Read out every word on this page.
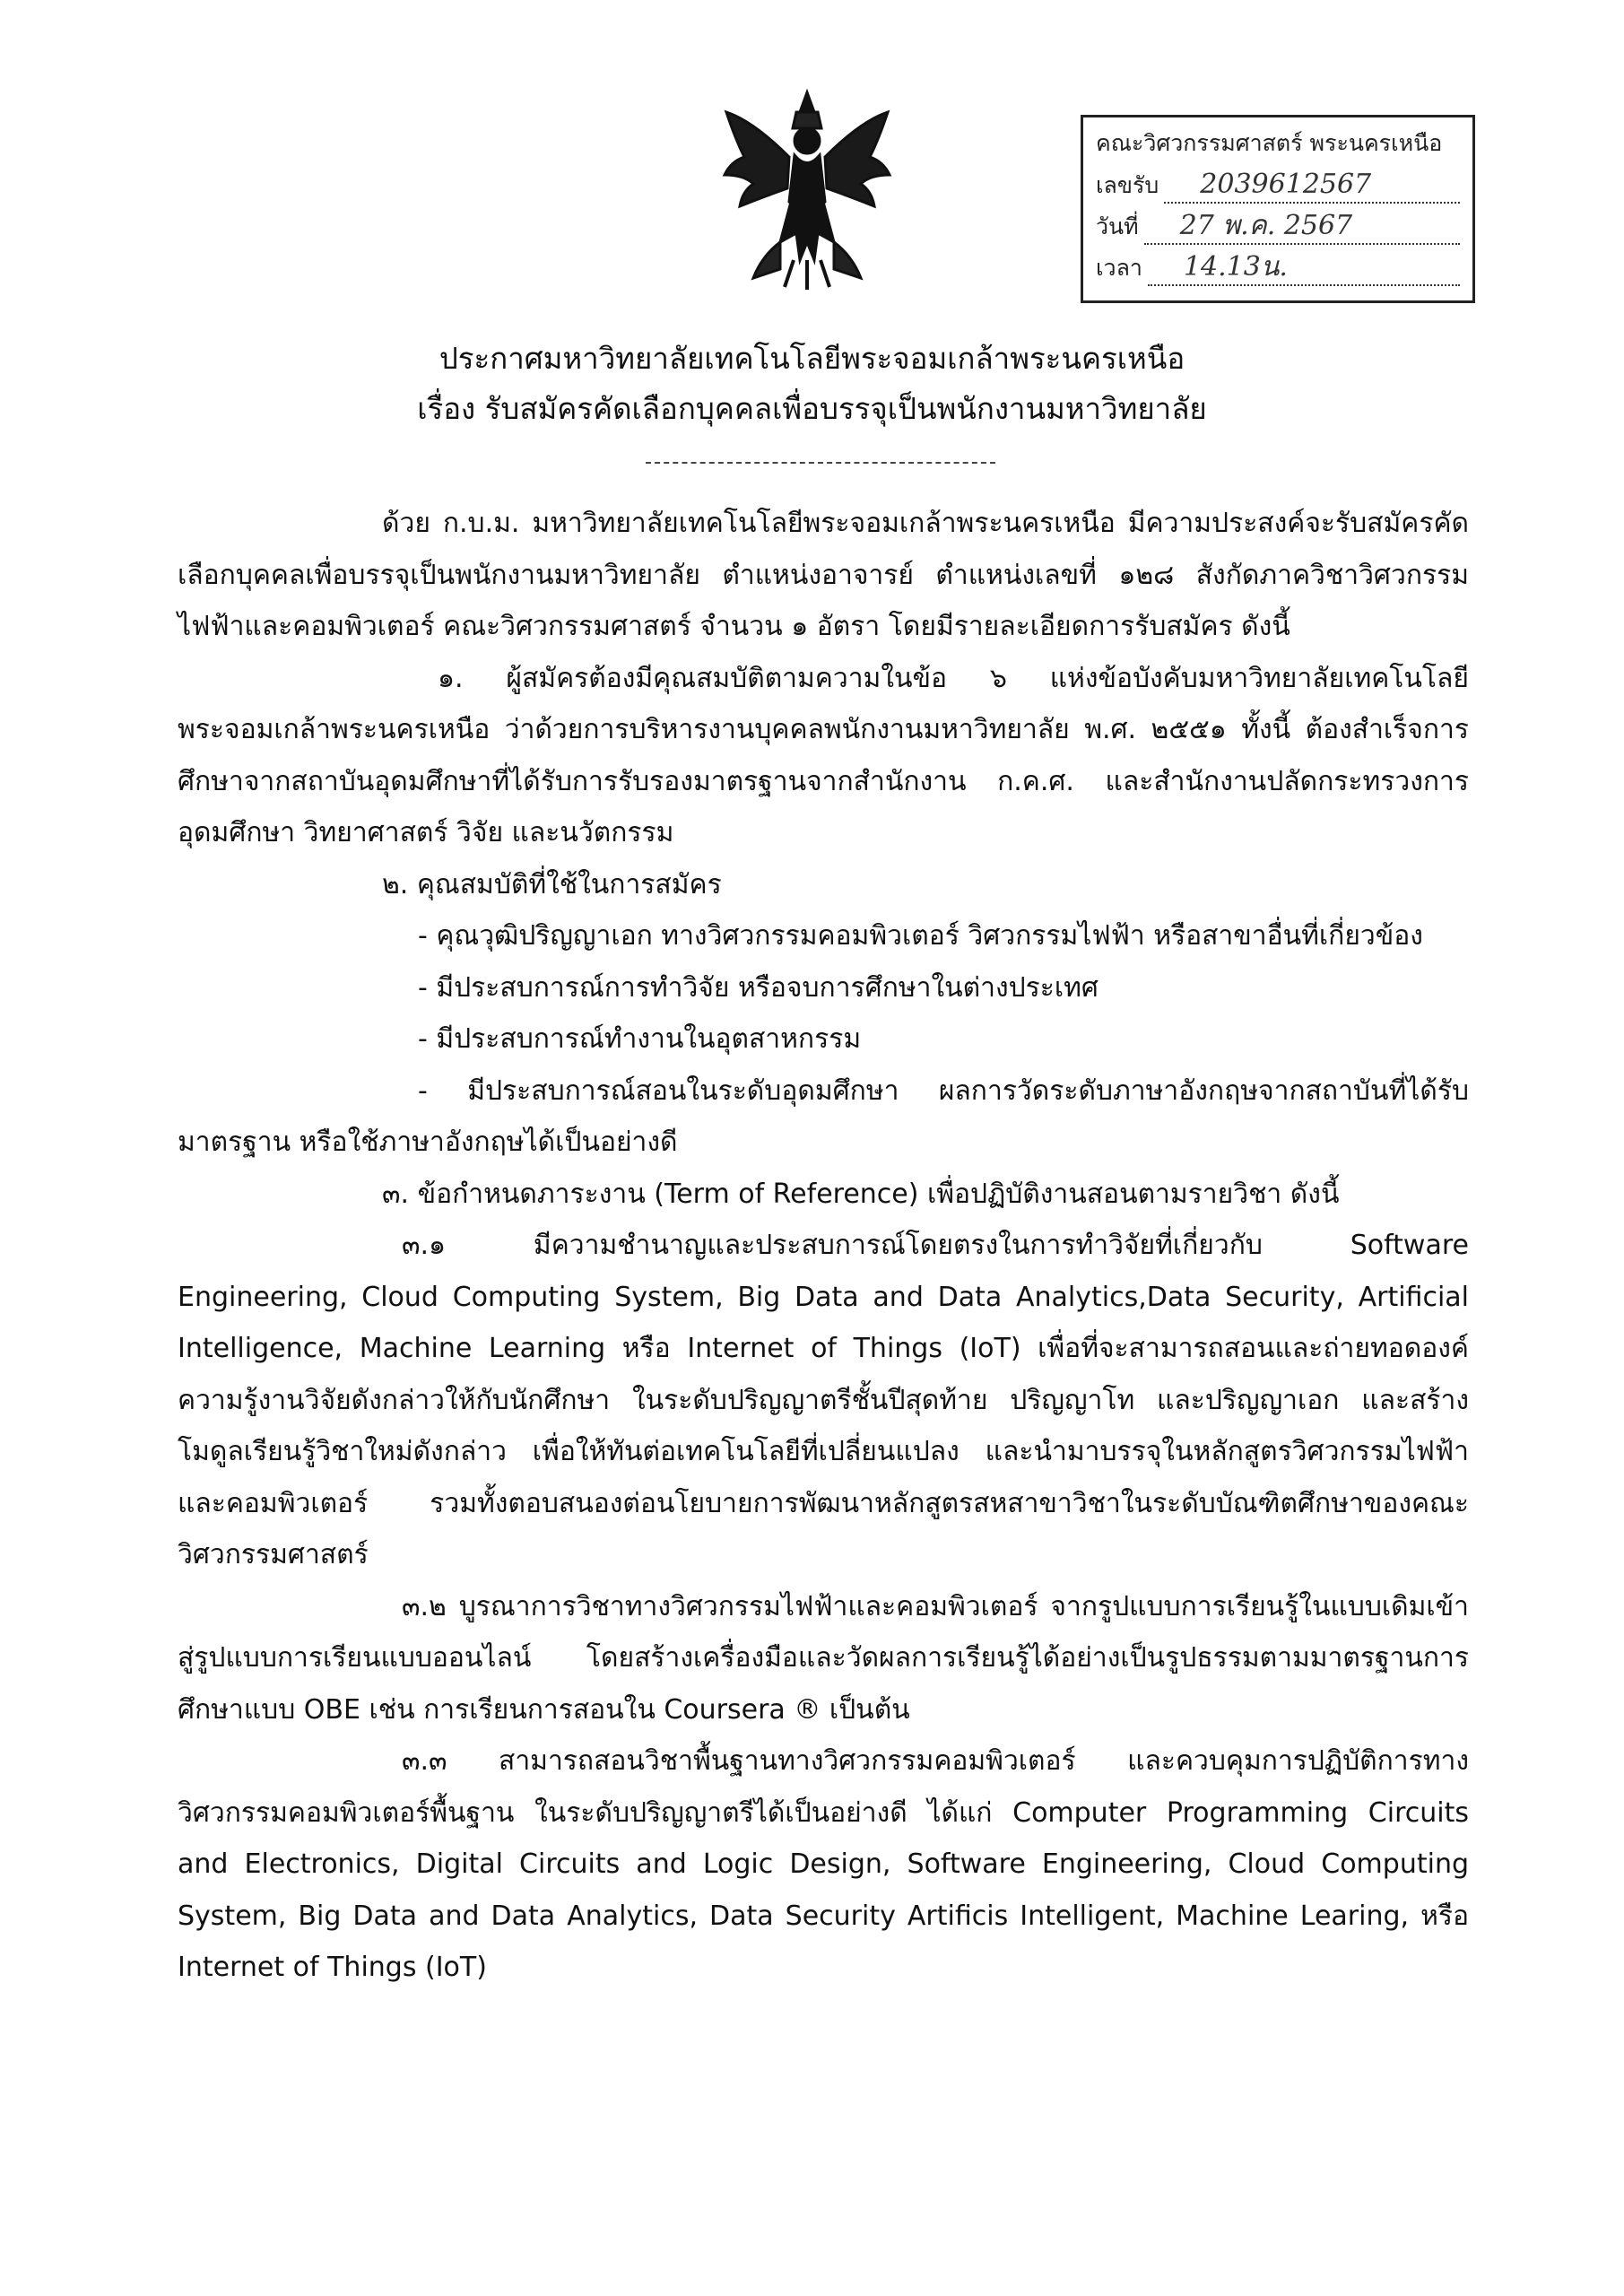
คณะวิศวกรรมศาสตร์ พระนครเหนือ
เลขรับ	2039612567
วันที่	27 พ.ค. 2567
เวลา	14.13น.
ประกาศมหาวิทยาลัยเทคโนโลยีพระจอมเกล้าพระนครเหนือ
เรื่อง รับสมัครคัดเลือกบุคคลเพื่อบรรจุเป็นพนักงานมหาวิทยาลัย

ด้วย ก.บ.ม. มหาวิทยาลัยเทคโนโลยีพระจอมเกล้าพระนครเหนือ มีความประสงค์จะรับสมัครคัดเลือกบุคคลเพื่อบรรจุเป็นพนักงานมหาวิทยาลัย ตำแหน่งอาจารย์ ตำแหน่งเลขที่ ๑๒๘ สังกัดภาควิชาวิศวกรรมไฟฟ้าและคอมพิวเตอร์ คณะวิศวกรรมศาสตร์ จำนวน ๑ อัตรา โดยมีรายละเอียดการรับสมัคร ดังนี้

๑. ผู้สมัครต้องมีคุณสมบัติตามความในข้อ ๖ แห่งข้อบังคับมหาวิทยาลัยเทคโนโลยีพระจอมเกล้าพระนครเหนือ ว่าด้วยการบริหารงานบุคคลพนักงานมหาวิทยาลัย พ.ศ. ๒๕๕๑ ทั้งนี้ ต้องสำเร็จการศึกษาจากสถาบันอุดมศึกษาที่ได้รับการรับรองมาตรฐานจากสำนักงาน ก.ค.ศ. และสำนักงานปลัดกระทรวงการอุดมศึกษา วิทยาศาสตร์ วิจัย และนวัตกรรม

๒. คุณสมบัติที่ใช้ในการสมัคร

- คุณวุฒิปริญญาเอก ทางวิศวกรรมคอมพิวเตอร์ วิศวกรรมไฟฟ้า หรือสาขาอื่นที่เกี่ยวข้อง

- มีประสบการณ์การทำวิจัย หรือจบการศึกษาในต่างประเทศ

- มีประสบการณ์ทำงานในอุตสาหกรรม

- มีประสบการณ์สอนในระดับอุดมศึกษา ผลการวัดระดับภาษาอังกฤษจากสถาบันที่ได้รับมาตรฐาน หรือใช้ภาษาอังกฤษได้เป็นอย่างดี

๓. ข้อกำหนดภาระงาน (Term of Reference) เพื่อปฏิบัติงานสอนตามรายวิชา ดังนี้

๓.๑ มีความชำนาญและประสบการณ์โดยตรงในการทำวิจัยที่เกี่ยวกับ Software Engineering, Cloud Computing System, Big Data and Data Analytics,Data Security, Artificial Intelligence, Machine Learning หรือ Internet of Things (IoT) เพื่อที่จะสามารถสอนและถ่ายทอดองค์ความรู้งานวิจัยดังกล่าวให้กับนักศึกษา ในระดับปริญญาตรีชั้นปีสุดท้าย ปริญญาโท และปริญญาเอก และสร้างโมดูลเรียนรู้วิชาใหม่ดังกล่าว เพื่อให้ทันต่อเทคโนโลยีที่เปลี่ยนแปลง และนำมาบรรจุในหลักสูตรวิศวกรรมไฟฟ้าและคอมพิวเตอร์ รวมทั้งตอบสนองต่อนโยบายการพัฒนาหลักสูตรสหสาขาวิชาในระดับบัณฑิตศึกษาของคณะวิศวกรรมศาสตร์

๓.๒ บูรณาการวิชาทางวิศวกรรมไฟฟ้าและคอมพิวเตอร์ จากรูปแบบการเรียนรู้ในแบบเดิมเข้าสู่รูปแบบการเรียนแบบออนไลน์ โดยสร้างเครื่องมือและวัดผลการเรียนรู้ได้อย่างเป็นรูปธรรมตามมาตรฐานการศึกษาแบบ OBE เช่น การเรียนการสอนใน Coursera ® เป็นต้น

๓.๓ สามารถสอนวิชาพื้นฐานทางวิศวกรรมคอมพิวเตอร์ และควบคุมการปฏิบัติการทางวิศวกรรมคอมพิวเตอร์พื้นฐาน ในระดับปริญญาตรีได้เป็นอย่างดี ได้แก่ Computer Programming Circuits and Electronics, Digital Circuits and Logic Design, Software Engineering, Cloud Computing System, Big Data and Data Analytics, Data Security Artificis Intelligent, Machine Learing, หรือ Internet of Things (IoT)
